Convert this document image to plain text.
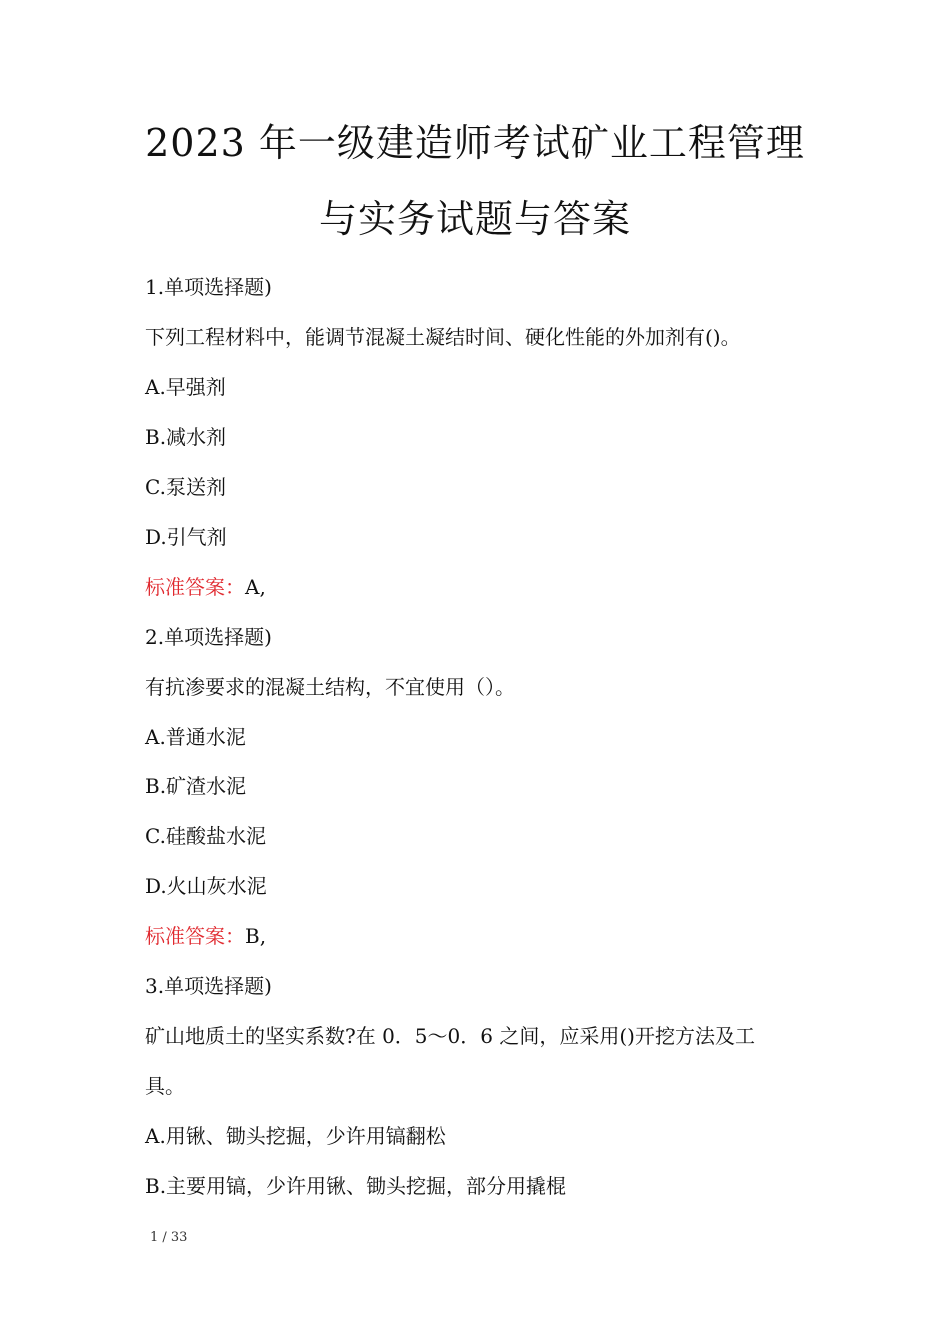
2023 年一级建造师考试矿业工程管理
与实务试题与答案

1.单项选择题)

下列工程材料中，能调节混凝土凝结时间、硬化性能的外加剂有()。

A.早强剂

B.减水剂

C.泵送剂

D.引气剂

标准答案：A,

2.单项选择题)

有抗渗要求的混凝土结构，不宜使用（）。

A.普通水泥

B.矿渣水泥

C.硅酸盐水泥

D.火山灰水泥

标准答案：B,

3.单项选择题)

矿山地质土的坚实系数?在 0．5～0．6 之间，应采用()开挖方法及工

具。

A.用锹、锄头挖掘，少许用镐翻松

B.主要用镐，少许用锹、锄头挖掘，部分用撬棍

1 / 33
